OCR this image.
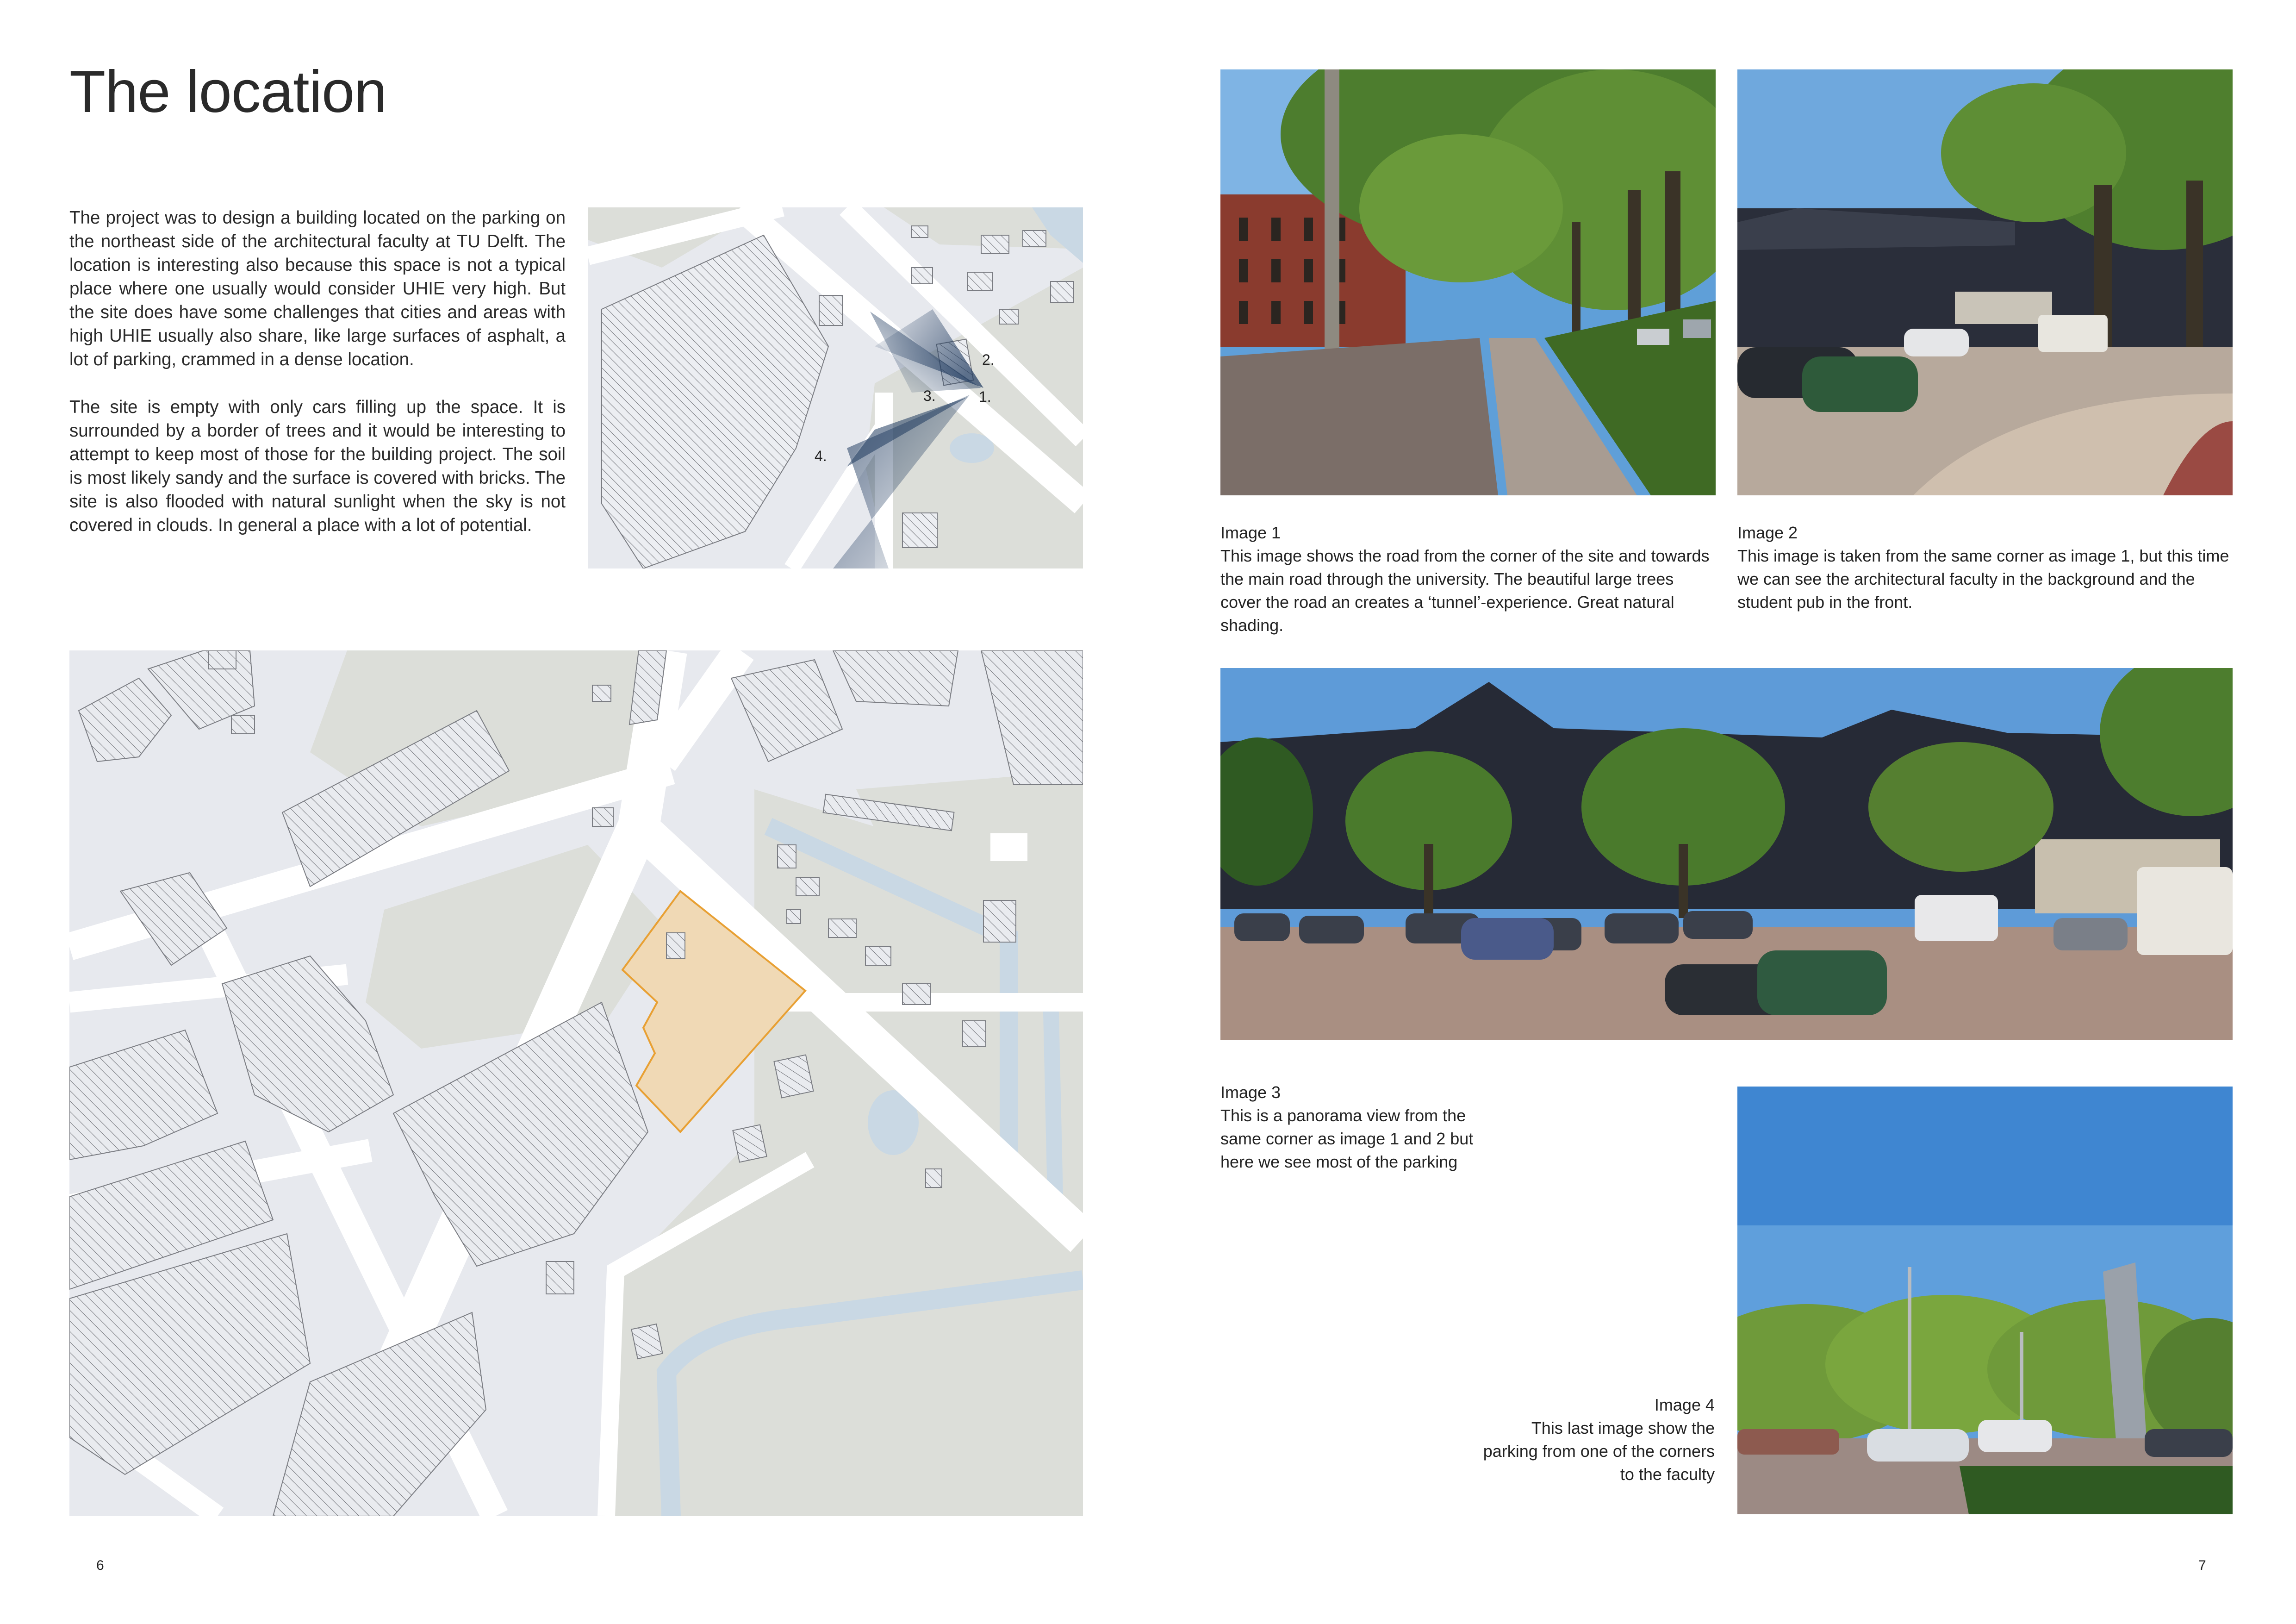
The location

The project was to design a building located on the parking on the northeast side of the architectural faculty at TU Delft. The location is interesting also because this space is not a typical place where one usually would consider UHIE very high. But the site does have some challenges that cities and areas with high UHIE usually also share, like large surfaces of asphalt, a lot of parking, crammed in a dense location.

The site is empty with only cars filling up the space. It is surrounded by a border of trees and it would be interesting to attempt to keep most of those for the building project. The soil is most likely sandy and the surface is covered with bricks. The site is also flooded with natural sunlight when the sky is not covered in clouds. In general a place with a lot of potential.

2.
1.
3.
4.
6
Image 1
This image shows the road from the corner of the site and towards the main road through the university. The beautiful large trees cover the road an creates a ‘tunnel’-experience. Great natural shading.
Image 2
This image is taken from the same corner as image 1, but this time we can see the architectural faculty in the background and the student pub in the front.
Image 3
This is a panorama view from the same corner as image 1 and 2 but here we see most of the parking
Image 4
This last image show the parking from one of the corners to the faculty
7
